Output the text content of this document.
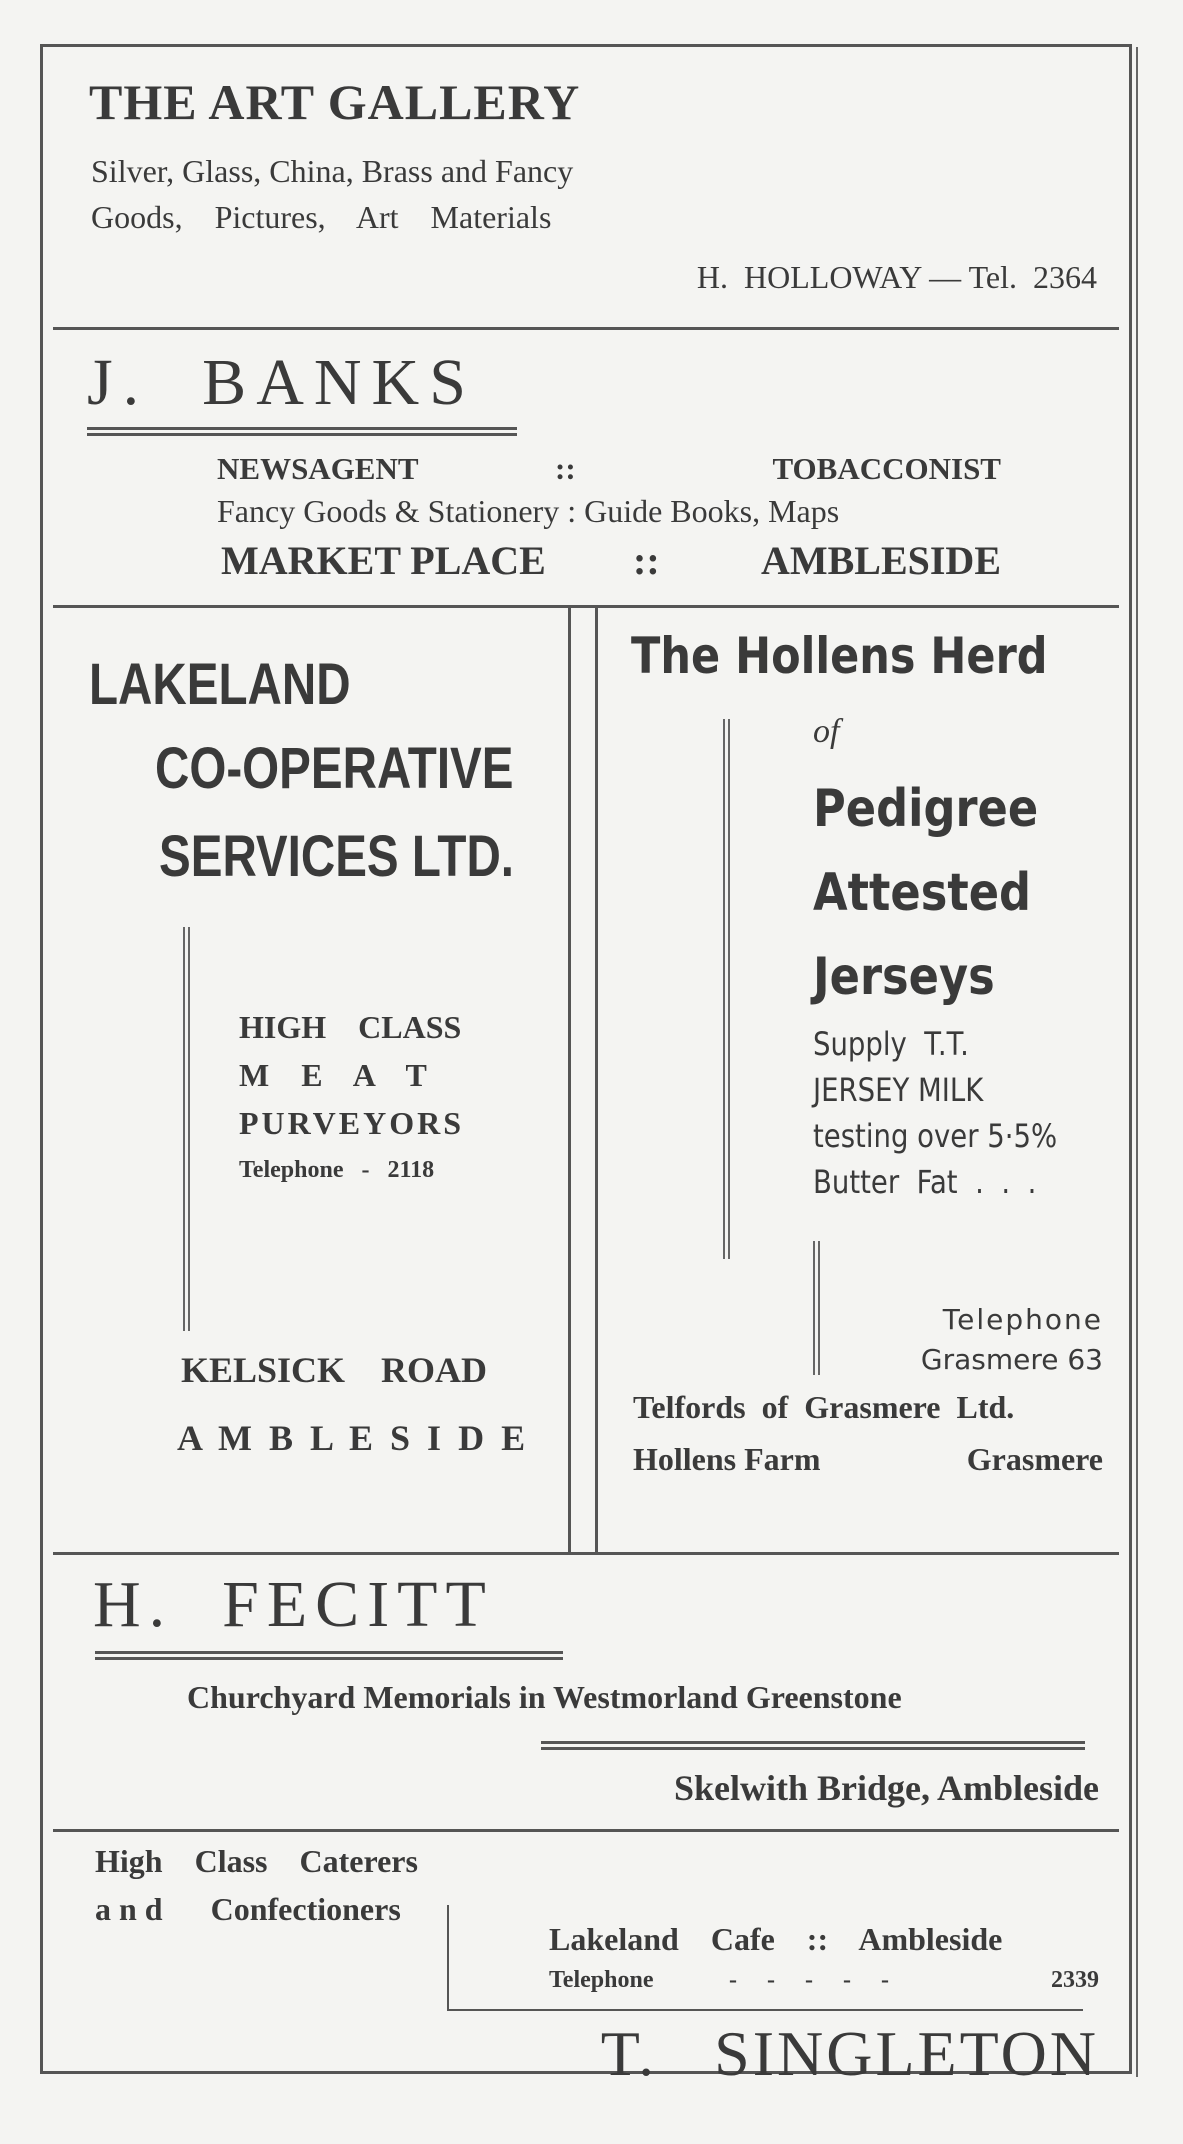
THE ART GALLERY
Silver, Glass, China, Brass and Fancy
Goods,    Pictures,    Art    Materials
H.  HOLLOWAY — Tel.  2364
J.  BANKS
NEWSAGENT	::	TOBACCONIST
Fancy Goods & Stationery : Guide Books, Maps
MARKET PLACE ::	AMBLESIDE
LAKELAND
CO-OPERATIVE
SERVICES LTD.
HIGH    CLASS
M    E    A    T
PURVEYORS
Telephone   -   2118
KELSICK    ROAD
A M B L E S I D E
The Hollens Herd
of
Pedigree
Attested
Jerseys
Supply  T.T.
JERSEY MILK
testing over 5·5%
Butter  Fat  .  .  .
Telephone
Grasmere 63
Telfords  of  Grasmere  Ltd.
Hollens Farm	Grasmere
H.  FECITT
Churchyard Memorials in Westmorland Greenstone
Skelwith Bridge, Ambleside
High    Class    Caterers
a n d      Confectioners
Lakeland    Cafe    ::    Ambleside
Telephone	-     -     -     -     -	2339
T.   SINGLETON
